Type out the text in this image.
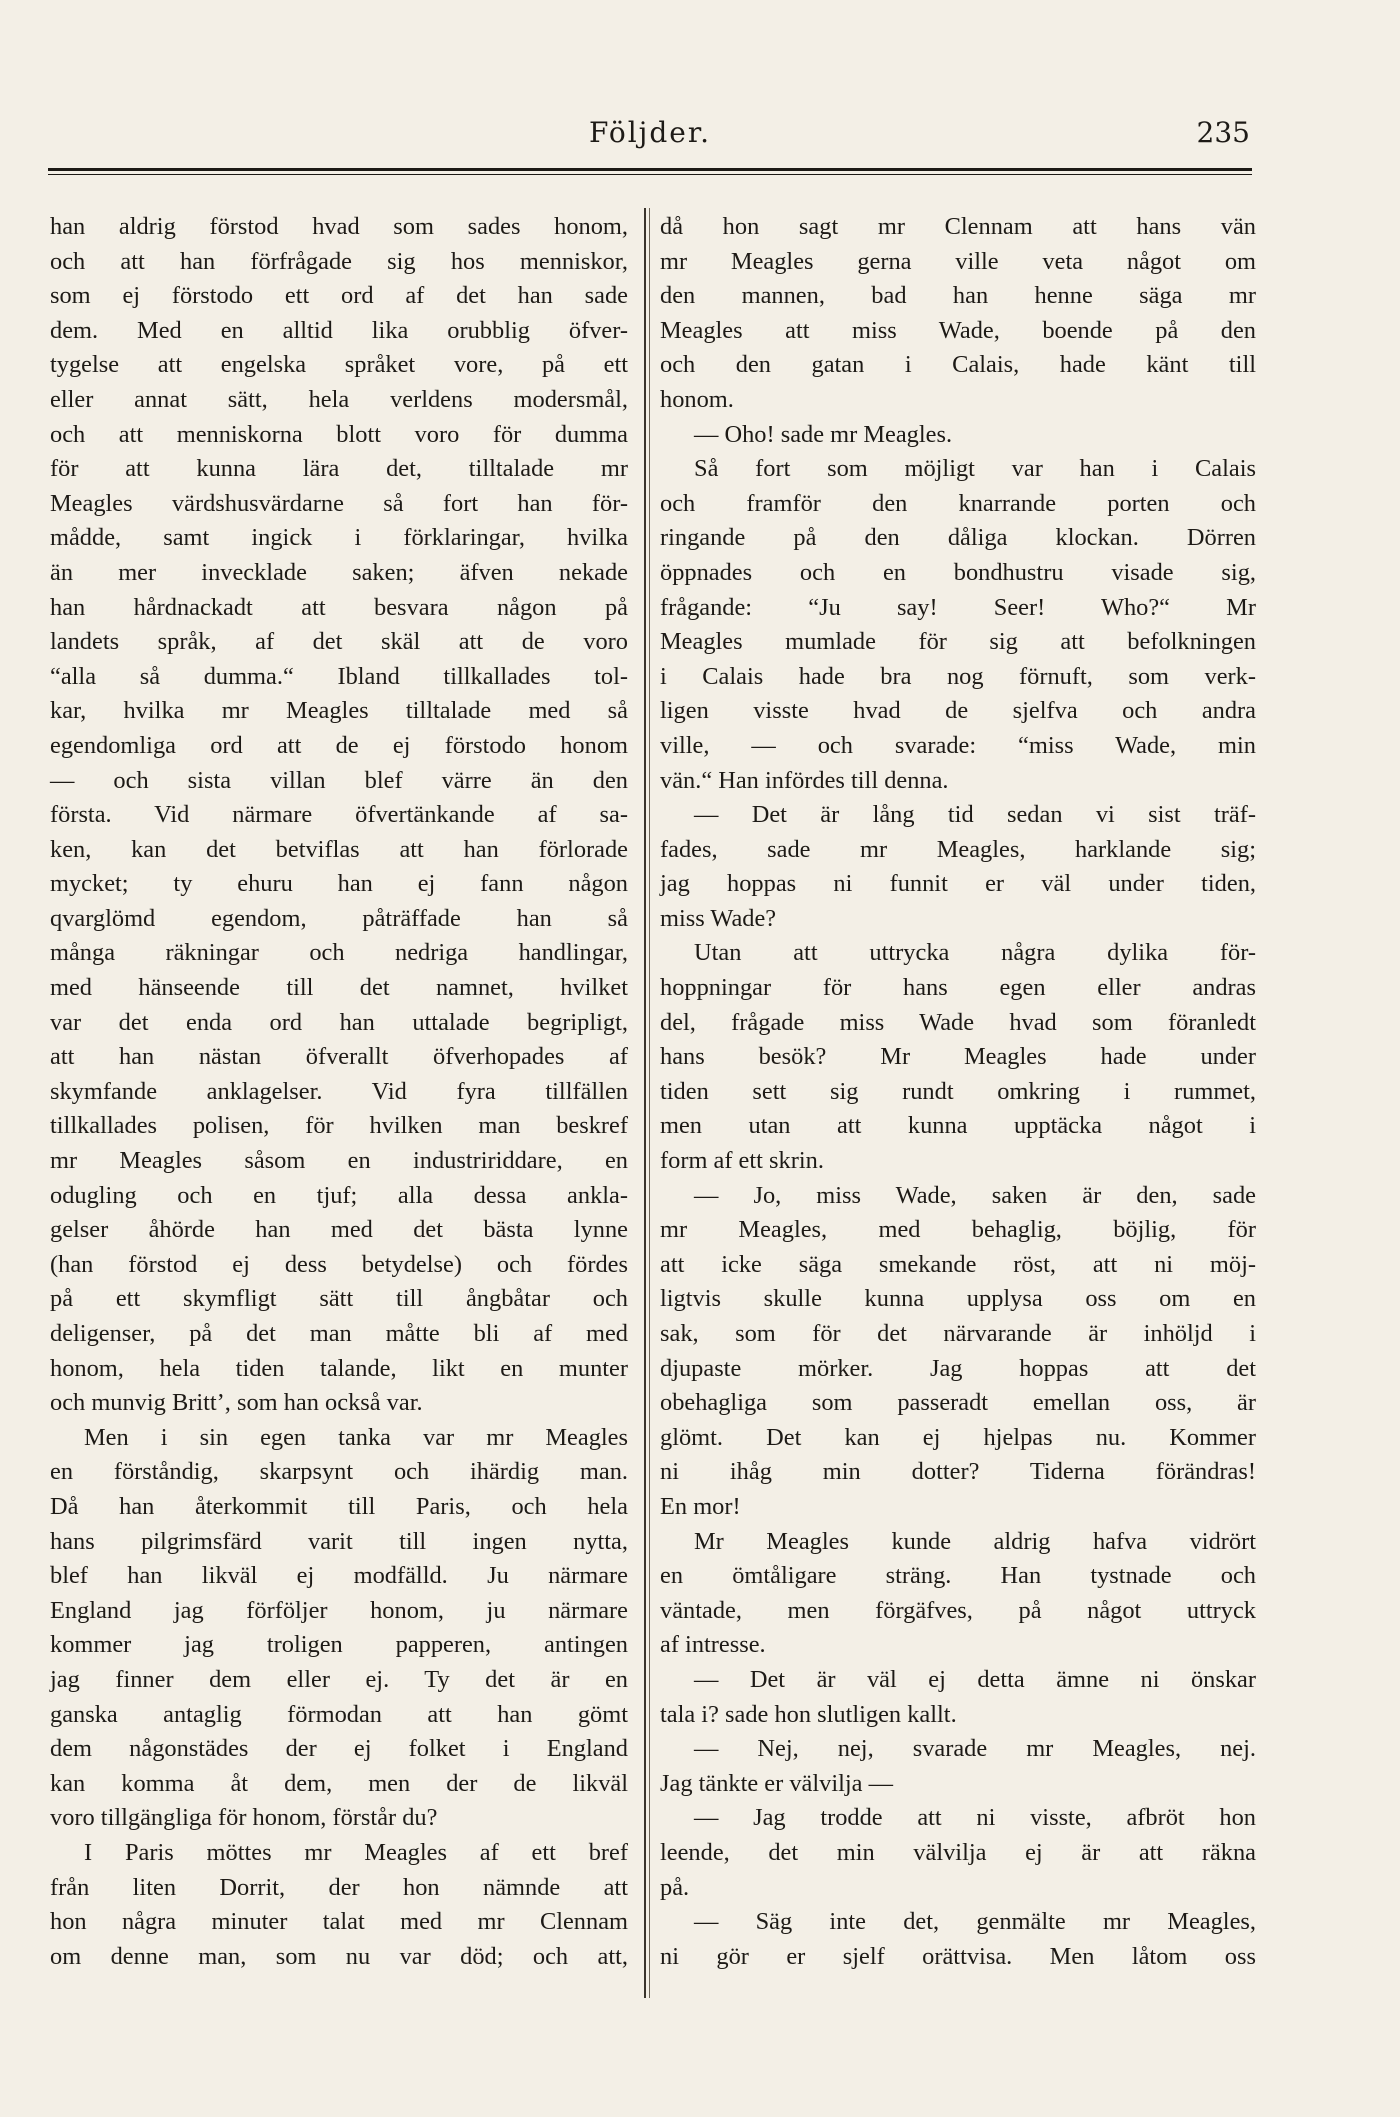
Följder.	235
han aldrig förstod hvad som sades honom,
och att han förfrågade sig hos menniskor,
som ej förstodo ett ord af det han sade
dem. Med en alltid lika orubblig öfver-
tygelse att engelska språket vore, på ett
eller annat sätt, hela verldens modersmål,
och att menniskorna blott voro för dumma
för att kunna lära det, tilltalade mr
Meagles värdshusvärdarne så fort han för-
mådde, samt ingick i förklaringar, hvilka
än mer invecklade saken; äfven nekade
han hårdnackadt att besvara någon på
landets språk, af det skäl att de voro
“alla så dumma.“ Ibland tillkallades tol-
kar, hvilka mr Meagles tilltalade med så
egendomliga ord att de ej förstodo honom
— och sista villan blef värre än den
första. Vid närmare öfvertänkande af sa-
ken, kan det betviflas att han förlorade
mycket; ty ehuru han ej fann någon
qvarglömd egendom, påträffade han så
många räkningar och nedriga handlingar,
med hänseende till det namnet, hvilket
var det enda ord han uttalade begripligt,
att han nästan öfverallt öfverhopades af
skymfande anklagelser. Vid fyra tillfällen
tillkallades polisen, för hvilken man beskref
mr Meagles såsom en industririddare, en
odugling och en tjuf; alla dessa ankla-
gelser åhörde han med det bästa lynne
(han förstod ej dess betydelse) och fördes
på ett skymfligt sätt till ångbåtar och
deligenser, på det man måtte bli af med
honom, hela tiden talande, likt en munter
och munvig Britt’, som han också var.
Men i sin egen tanka var mr Meagles
en förståndig, skarpsynt och ihärdig man.
Då han återkommit till Paris, och hela
hans pilgrimsfärd varit till ingen nytta,
blef han likväl ej modfälld. Ju närmare
England jag förföljer honom, ju närmare
kommer jag troligen papperen, antingen
jag finner dem eller ej. Ty det är en
ganska antaglig förmodan att han gömt
dem någonstädes der ej folket i England
kan komma åt dem, men der de likväl
voro tillgängliga för honom, förstår du?
I Paris möttes mr Meagles af ett bref
från liten Dorrit, der hon nämnde att
hon några minuter talat med mr Clennam
om denne man, som nu var död; och att,
då hon sagt mr Clennam att hans vän
mr Meagles gerna ville veta något om
den mannen, bad han henne säga mr
Meagles att miss Wade, boende på den
och den gatan i Calais, hade känt till
honom.
— Oho! sade mr Meagles.
Så fort som möjligt var han i Calais
och framför den knarrande porten och
ringande på den dåliga klockan. Dörren
öppnades och en bondhustru visade sig,
frågande: “Ju say! Seer! Who?“ Mr
Meagles mumlade för sig att befolkningen
i Calais hade bra nog förnuft, som verk-
ligen visste hvad de sjelfva och andra
ville, — och svarade: “miss Wade, min
vän.“ Han infördes till denna.
— Det är lång tid sedan vi sist träf-
fades, sade mr Meagles, harklande sig;
jag hoppas ni funnit er väl under tiden,
miss Wade?
Utan att uttrycka några dylika för-
hoppningar för hans egen eller andras
del, frågade miss Wade hvad som föranledt
hans besök? Mr Meagles hade under
tiden sett sig rundt omkring i rummet,
men utan att kunna upptäcka något i
form af ett skrin.
— Jo, miss Wade, saken är den, sade
mr Meagles, med behaglig, böjlig, för
att icke säga smekande röst, att ni möj-
ligtvis skulle kunna upplysa oss om en
sak, som för det närvarande är inhöljd i
djupaste mörker. Jag hoppas att det
obehagliga som passeradt emellan oss, är
glömt. Det kan ej hjelpas nu. Kommer
ni ihåg min dotter? Tiderna förändras!
En mor!
Mr Meagles kunde aldrig hafva vidrört
en ömtåligare sträng. Han tystnade och
väntade, men förgäfves, på något uttryck
af intresse.
— Det är väl ej detta ämne ni önskar
tala i? sade hon slutligen kallt.
— Nej, nej, svarade mr Meagles, nej.
Jag tänkte er välvilja —
— Jag trodde att ni visste, afbröt hon
leende, det min välvilja ej är att räkna
på.
— Säg inte det, genmälte mr Meagles,
ni gör er sjelf orättvisa. Men låtom oss
